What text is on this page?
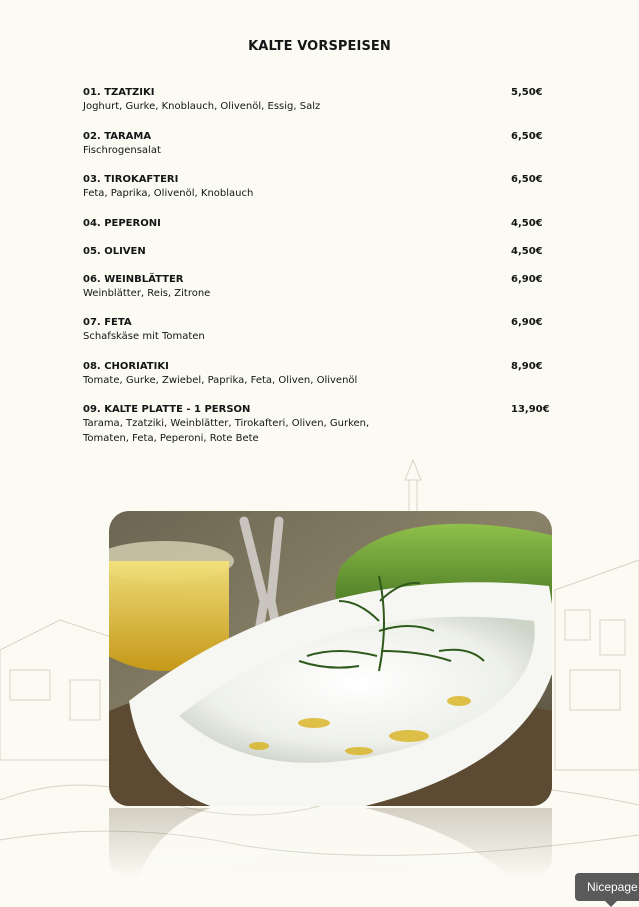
KALTE VORSPEISEN
01. TZATZIKI
Joghurt, Gurke, Knoblauch, Olivenöl, Essig, Salz
5,50€
02. TARAMA
Fischrogensalat
6,50€
03. TIROKAFTERI
Feta, Paprika, Olivenöl, Knoblauch
6,50€
04. PEPERONI	4,50€
05. OLIVEN	4,50€
06. WEINBLÄTTER
Weinblätter, Reis, Zitrone
6,90€
07. FETA
Schafskäse mit Tomaten
6,90€
08. CHORIATIKI
Tomate, Gurke, Zwiebel, Paprika, Feta, Oliven, Olivenöl
8,90€
09. KALTE PLATTE - 1 PERSON
Tarama, Tzatziki, Weinblätter, Tirokafteri, Oliven, Gurken, Tomaten, Feta, Peperoni, Rote Bete
13,90€
Nicepage
